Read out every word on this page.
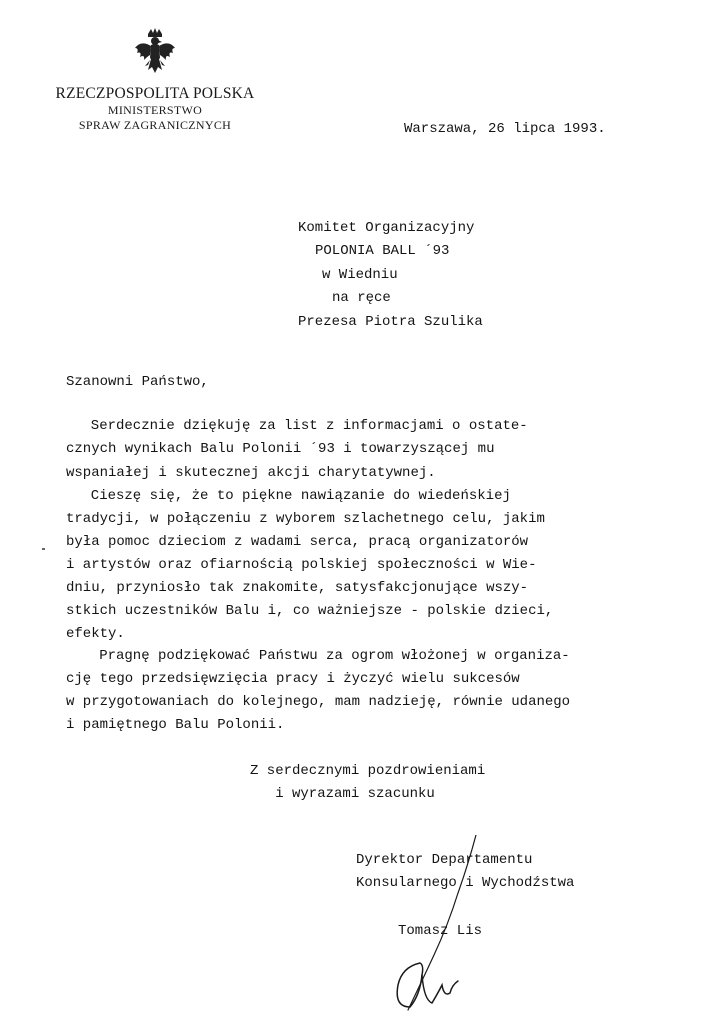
RZECZPOSPOLITA POLSKA
MINISTERSTWO
SPRAW ZAGRANICZNYCH	Warszawa, 26 lipca 1993.

Komitet Organizacyjny

POLONIA BALL ´93

w Wiedniu

na ręce

Prezesa Piotra Szulika

Szanowni Państwo,

Serdecznie dziękuję za list z informacjami o ostate-

cznych wynikach Balu Polonii ´93 i towarzyszącej mu

wspaniałej i skutecznej akcji charytatywnej.

Cieszę się, że to piękne nawiązanie do wiedeńskiej

tradycji, w połączeniu z wyborem szlachetnego celu, jakim

była pomoc dzieciom z wadami serca, pracą organizatorów

i artystów oraz ofiarnością polskiej społeczności w Wie-

dniu, przyniosło tak znakomite, satysfakcjonujące wszy-

stkich uczestników Balu i, co ważniejsze - polskie dzieci,

efekty.

Pragnę podziękować Państwu za ogrom włożonej w organiza-

cję tego przedsięwzięcia pracy i życzyć wielu sukcesów

w przygotowaniach do kolejnego, mam nadzieję, równie udanego

i pamiętnego Balu Polonii.

Z serdecznymi pozdrowieniami

i wyrazami szacunku

Dyrektor Departamentu

Konsularnego i Wychodźstwa

Tomasz Lis
